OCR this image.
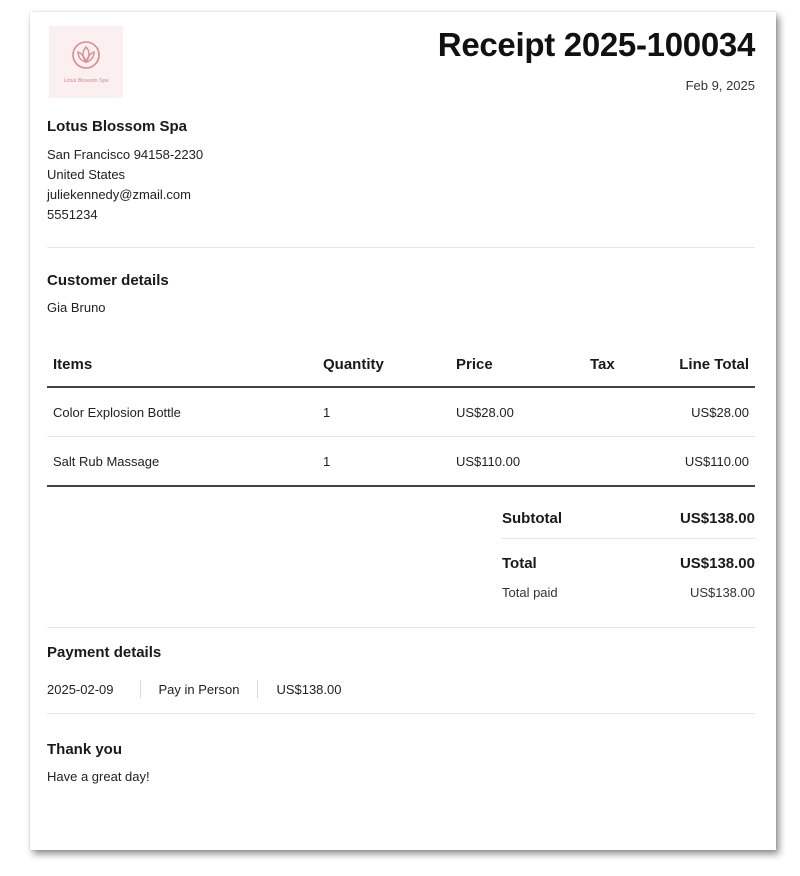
Lotus Blossom Spa
Receipt 2025-100034
Feb 9, 2025
Lotus Blossom Spa
San Francisco 94158-2230
United States
juliekennedy@zmail.com
5551234
Customer details
Gia Bruno
Items	Quantity	Price	Tax	Line Total
Color Explosion Bottle	1	US$28.00		US$28.00
Salt Rub Massage	1	US$110.00		US$110.00
Subtotal	US$138.00
Total	US$138.00
Total paid	US$138.00
Payment details
2025-02-09	Pay in Person	US$138.00
Thank you
Have a great day!
